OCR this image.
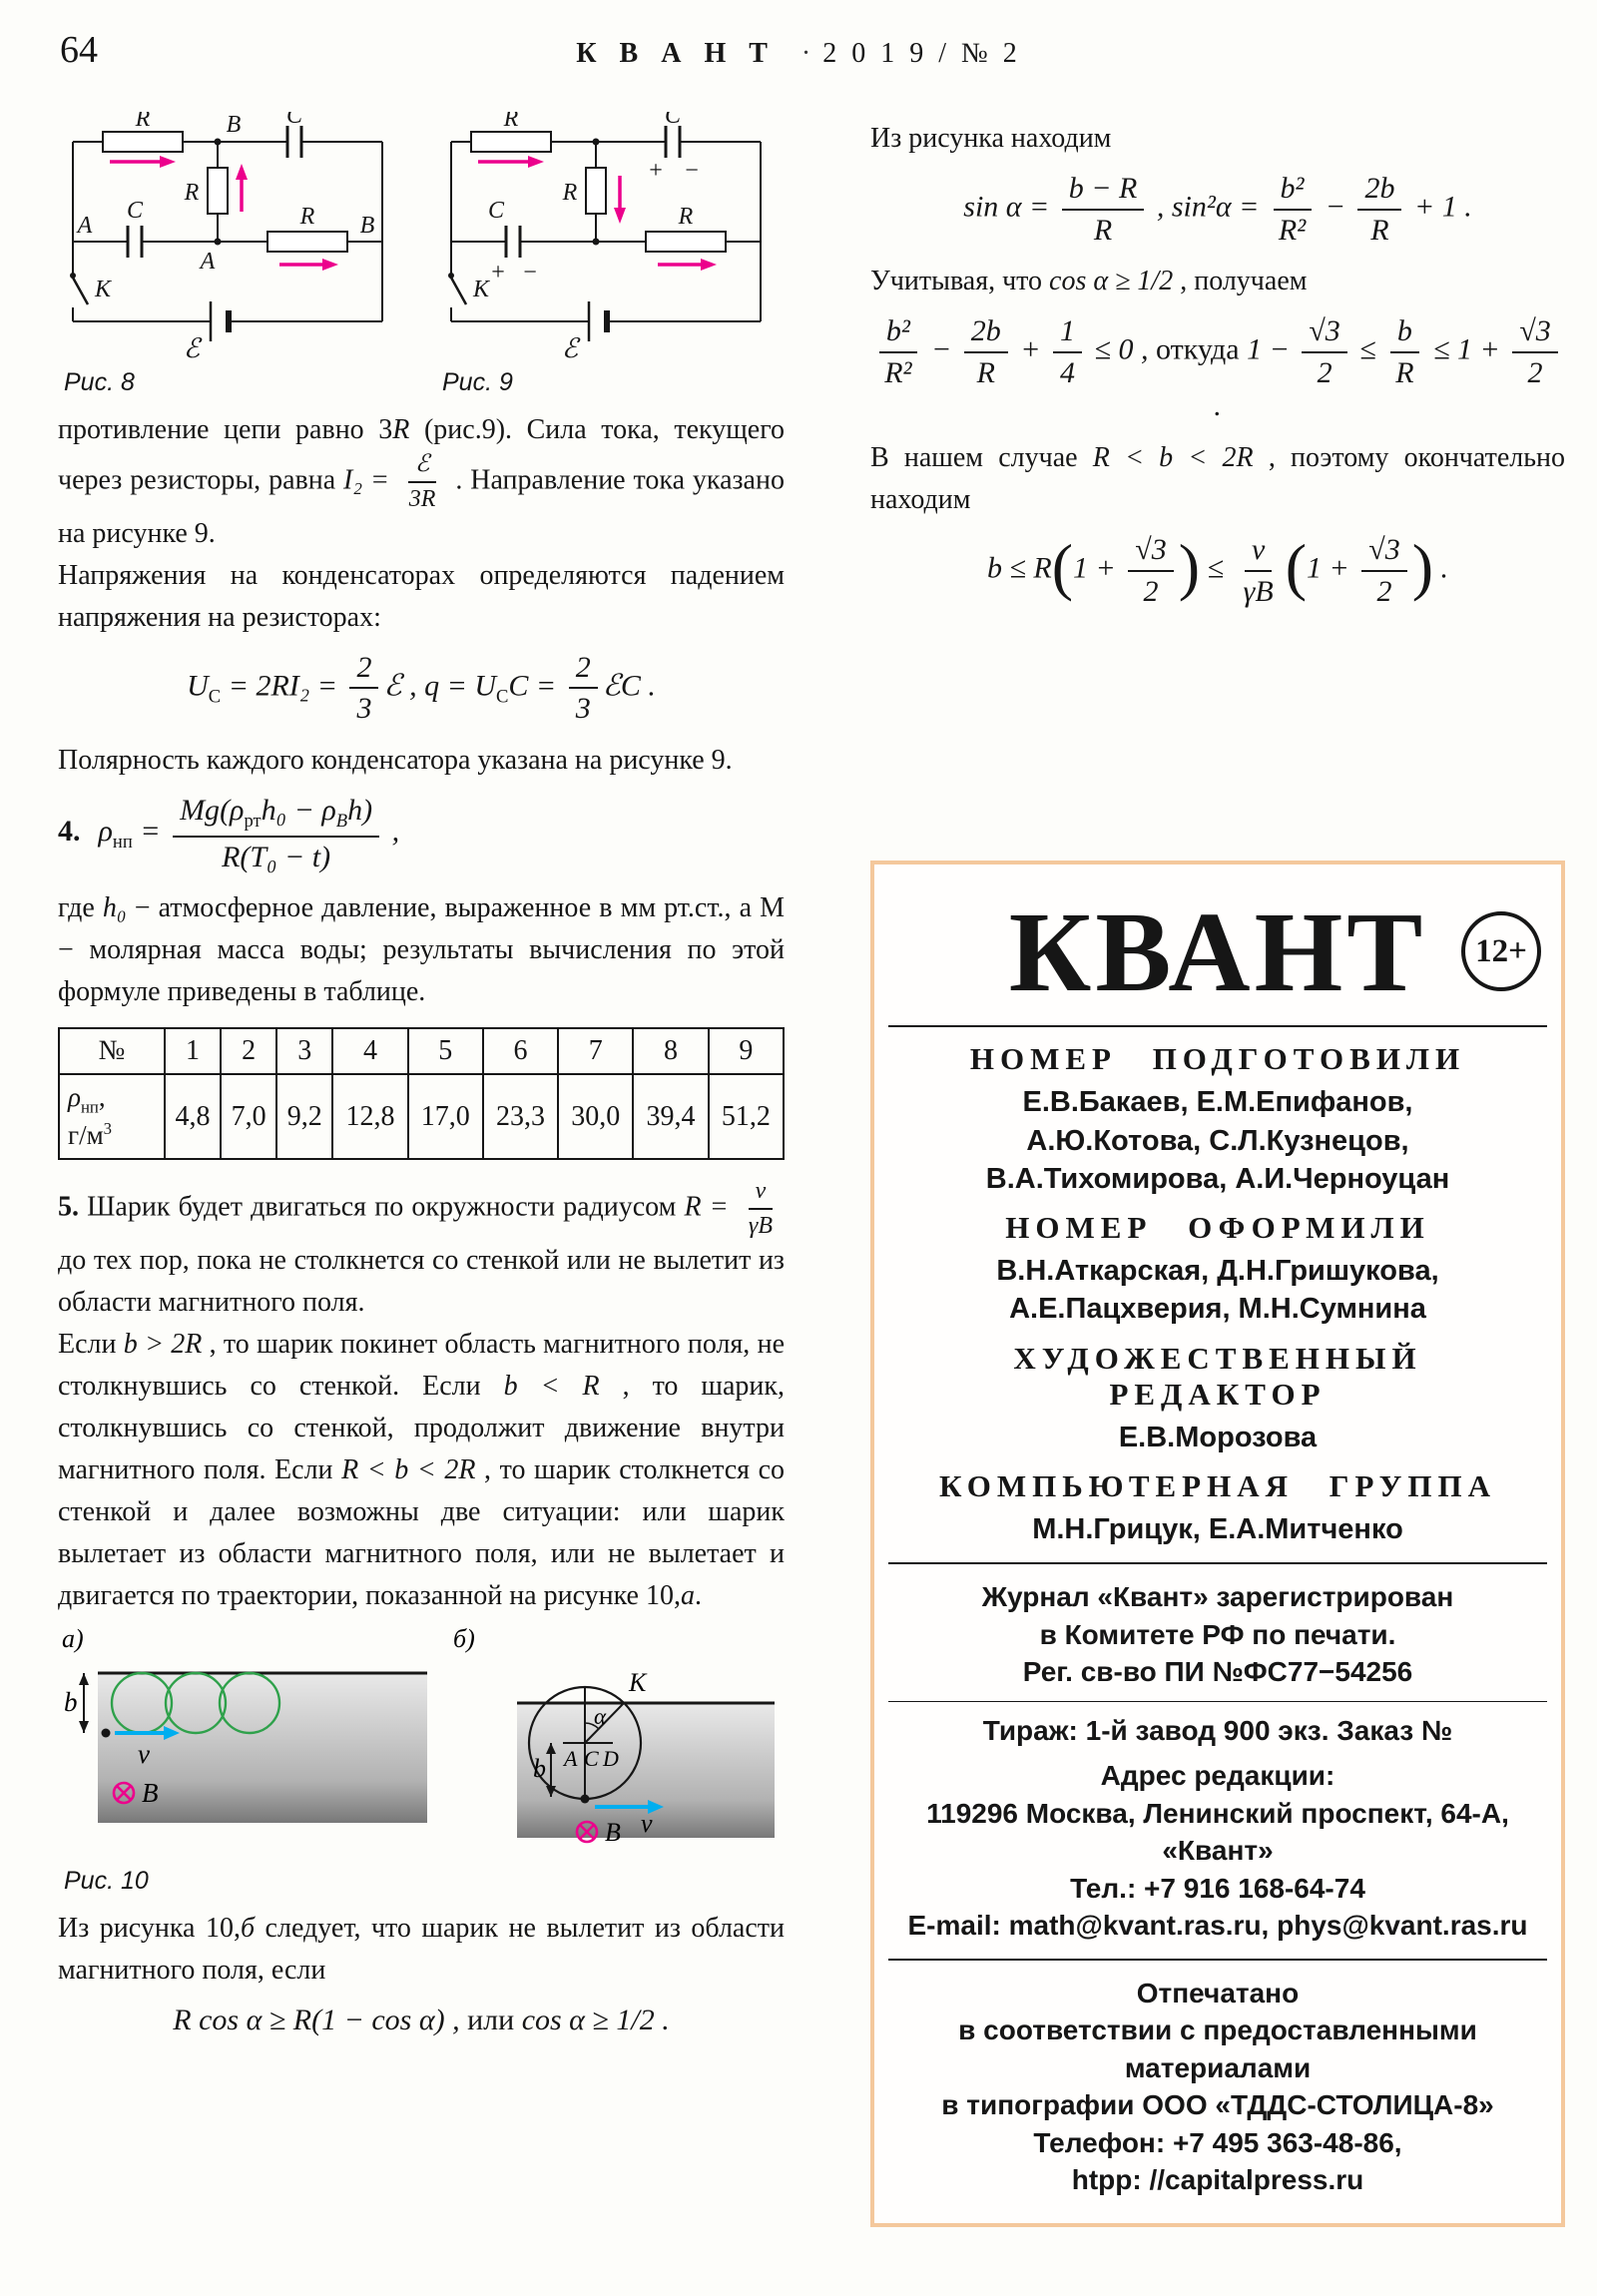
64	К В А Н Т · 2 0 1 9 / № 2
R	B C
R
A
C	R B
А
K
ℰ
Рис. 8
R	C
+ −
R
C
+ −
R
K
ℰ
Рис. 9

противление цепи равно 3R (рис.9). Сила тока, текущего через резисторы, равна $I_2 = \frac{\text{ℰ}}{3R}$ . Направление тока указано на рисунке 9.

Напряжения на конденсаторах определяются падением напряжения на резисторах:

$U_C = 2RI_2 = \frac{2}{3}$ ℰ , $q = U_CC = \frac{2}{3}$ ℰC .

Полярность каждого конденсатора указана на рисунке 9.

4. $\rho_{нп} = \frac{Mg(\rho_{рт}h_0 - \rho_Bh)}{\text{R(T₀ − t)}}$ ,

где h₀ − атмосферное давление, выраженное в мм рт.ст., а М − молярная масса воды; результаты вычисления по этой формуле приведены в таблице.

№	1	2	3	4	5	6	7	8	9
$\rho_{нп}$,
$г/м^3$	4,8	7,0	9,2	12,8	17,0	23,3	30,0	39,4	51,2

5. Шарик будет двигаться по окружности радиусом $R = \frac{v}{\gamma B}$
до тех пор, пока не столкнется со стенкой или не вылетит из области магнитного поля.

Если b > 2R , то шарик покинет область магнитного поля, не столкнувшись со стенкой. Если b < R , то шарик, столкнувшись со стенкой, продолжит движение внутри магнитного поля. Если R < b < 2R , то шарик столкнется со стенкой и далее возможны две ситуации: или шарик вылетает из области магнитного поля, или не вылетает и двигается по траектории, показанной на рисунке 10,а.

а)
b
v
B
б)
K
α
A C D
b
v
B
Рис. 10

Из рисунка 10,б следует, что шарик не вылетит из области магнитного поля, если

R cos α ≥ R(1 − cos α) , или cos α ≥ 1/2 .

Из рисунка находим

$\sin \alpha = \frac{b - R}{R}$ , $\sin^2\alpha = \frac{\text{b²}}{\text{R²}} - \frac{2b}{R} + 1$ .

Учитывая, что cos α ≥ 1/2 , получаем

$\frac{\text{b²}}{\text{R²}} - \frac{2b}{R} + \frac{1}{4} \le 0$ , откуда $1 - \frac{√3}{2} \le \frac{b}{R} \le 1 + \frac{√3}{2}$
.

В нашем случае R < b < 2R , поэтому окончательно находим

$b \le R(1 + \frac{√3}{2}$ ) ≤ $\frac{v}{\gamma B} (1 + \frac{√3}{2}$ ) .
КВАНТ	12+
НОМЕР ПОДГОТОВИЛИ
Е.В.Бакаев, Е.М.Епифанов,
А.Ю.Котова, С.Л.Кузнецов,
В.А.Тихомирова, А.И.Черноуцан
НОМЕР ОФОРМИЛИ
В.Н.Аткарская, Д.Н.Гришукова,
А.Е.Пацхверия, М.Н.Сумнина
ХУДОЖЕСТВЕННЫЙ
РЕДАКТОР
Е.В.Морозова
КОМПЬЮТЕРНАЯ ГРУППА
М.Н.Грицук, Е.А.Митченко
Журнал «Квант» зарегистрирован
в Комитете РФ по печати.
Рег. св-во ПИ №ФС77−54256
Тираж: 1-й завод 900 экз. Заказ №
Адрес редакции:
119296 Москва, Ленинский проспект, 64-А,
«Квант»
Тел.: +7 916 168-64-74
E-mail: math@kvant.ras.ru, phys@kvant.ras.ru
Отпечатано
в соответствии с предоставленными
материалами
в типографии ООО «ТДДС-СТОЛИЦА-8»
Телефон: +7 495 363-48-86,
htpp: //capitalpress.ru
